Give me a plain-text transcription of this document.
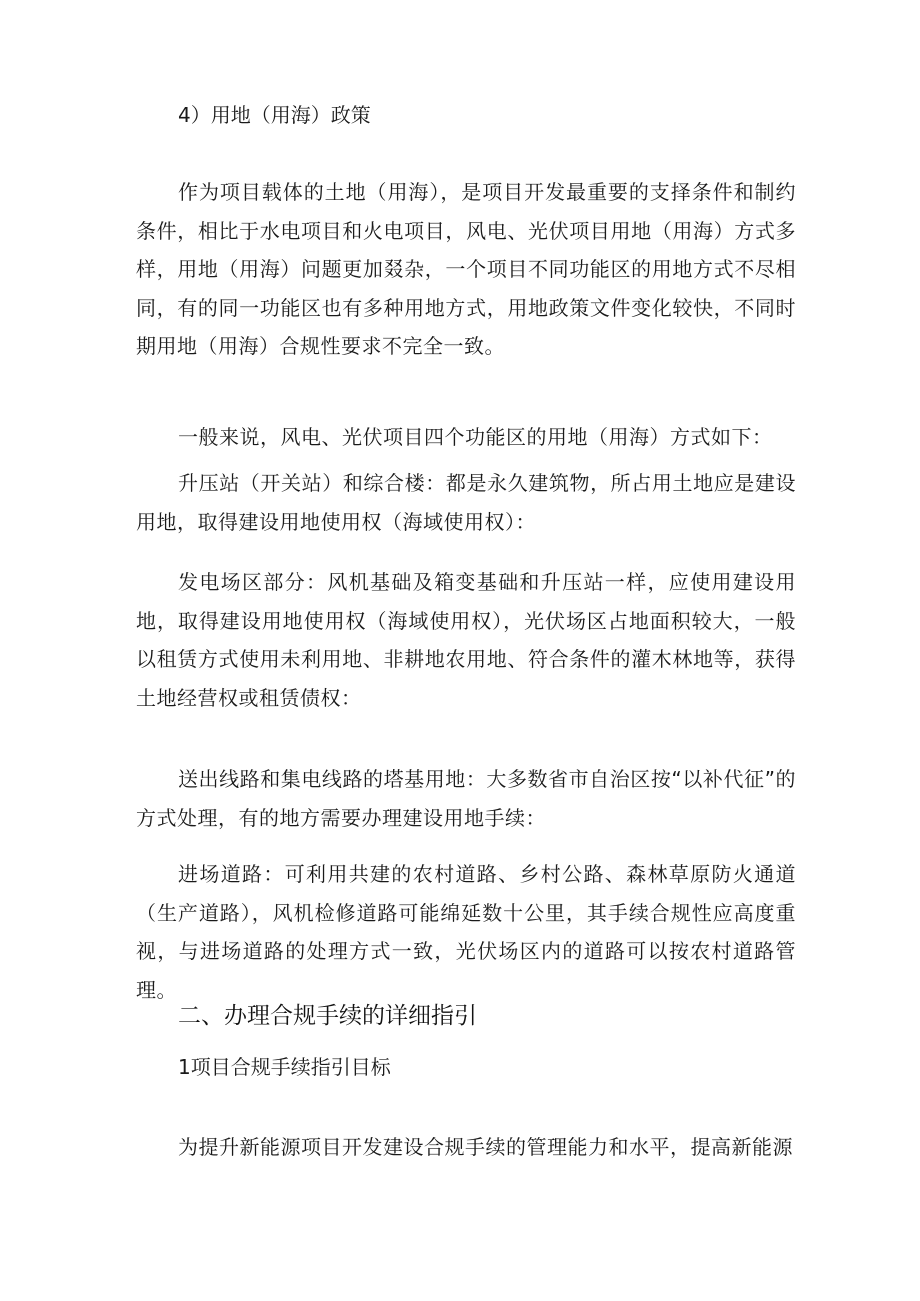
4）用地（用海）政策

作为项目载体的土地（用海），是项目开发最重要的支择条件和制约条件，相比于水电项目和火电项目，风电、光伏项目用地（用海）方式多样，用地（用海）问题更加叕杂，一个项目不同功能区的用地方式不尽相同，有的同一功能区也有多种用地方式，用地政策文件变化较快，不同时期用地（用海）合规性要求不完全一致。

一般来说，风电、光伏项目四个功能区的用地（用海）方式如下：

升压站（开关站）和综合楼：都是永久建筑物，所占用土地应是建设用地，取得建设用地使用权（海域使用权）：

发电场区部分：风机基础及箱变基础和升压站一样，应使用建设用地，取得建设用地使用权（海域使用权），光伏场区占地面积较大，一般以租赁方式使用未利用地、非耕地农用地、符合条件的灌木林地等，获得土地经营权或租赁债权：

送出线路和集电线路的塔基用地：大多数省市自治区按“以补代征”的方式处理，有的地方需要办理建设用地手续：

进场道路：可利用共建的农村道路、乡村公路、森林草原防火通道（生产道路），风机检修道路可能绵延数十公里，其手续合规性应高度重视，与进场道路的处理方式一致，光伏场区内的道路可以按农村道路管理。

二、办理合规手续的详细指引

1项目合规手续指引目标

为提升新能源项目开发建设合规手续的管理能力和水平，提高新能源
